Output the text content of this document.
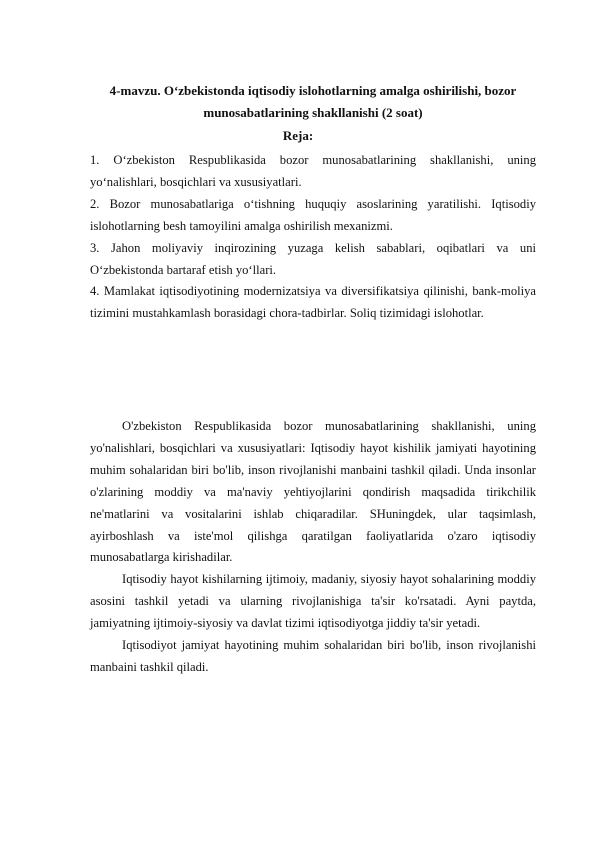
4-mavzu. O‘zbekistonda iqtisodiy islohotlarning amalga oshirilishi, bozor munosabatlarining shakllanishi (2 soat)
Reja:

1. O‘zbekiston Respublikasida bozor munosabatlarining shakllanishi, uning yo‘nalishlari, bosqichlari va xususiyatlari.

2. Bozor munosabatlariga o‘tishning huquqiy asoslarining yaratilishi. Iqtisodiy islohotlarning besh tamoyilini amalga oshirilish mexanizmi.

3. Jahon moliyaviy inqirozining yuzaga kelish sabablari, oqibatlari va uni O‘zbekistonda bartaraf etish yo‘llari.

4. Mamlakat iqtisodiyotining modernizatsiya va diversifikatsiya qilinishi, bank-moliya tizimini mustahkamlash borasidagi chora-tadbirlar. Soliq tizimidagi islohotlar.

O'zbekiston Respublikasida bozor munosabatlarining shakllanishi, uning yo'nalishlari, bosqichlari va xususiyatlari: Iqtisodiy hayot kishilik jamiyati hayotining muhim sohalaridan biri bo'lib, inson rivojlanishi manbaini tashkil qiladi. Unda insonlar o'zlarining moddiy va ma'naviy yehtiyojlarini qondirish maqsadida tirikchilik ne'matlarini va vositalarini ishlab chiqaradilar. SHuningdek, ular taqsimlash, ayirboshlash va iste'mol qilishga qaratilgan faoliyatlarida o'zaro iqtisodiy munosabatlarga kirishadilar.

Iqtisodiy hayot kishilarning ijtimoiy, madaniy, siyosiy hayot sohalarining moddiy asosini tashkil yetadi va ularning rivojlanishiga ta'sir ko'rsatadi. Ayni paytda, jamiyatning ijtimoiy-siyosiy va davlat tizimi iqtisodiyotga jiddiy ta'sir yetadi.

Iqtisodiyot jamiyat hayotining muhim sohalaridan biri bo'lib, inson rivojlanishi manbaini tashkil qiladi.
